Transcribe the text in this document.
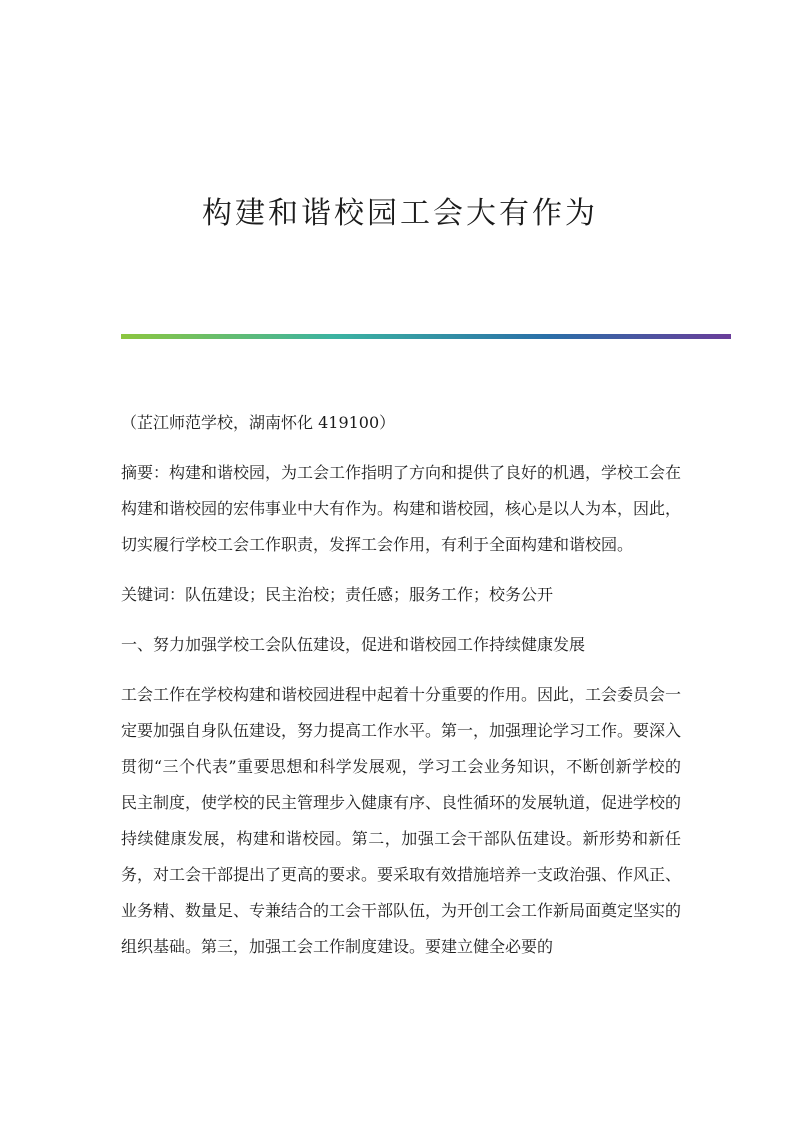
构建和谐校园工会大有作为

（芷江师范学校，湖南怀化 419100）

摘要：构建和谐校园，为工会工作指明了方向和提供了良好的机遇，学校工会在构建和谐校园的宏伟事业中大有作为。构建和谐校园，核心是以人为本，因此，切实履行学校工会工作职责，发挥工会作用，有利于全面构建和谐校园。

关键词：队伍建设；民主治校；责任感；服务工作；校务公开

一、努力加强学校工会队伍建设，促进和谐校园工作持续健康发展

工会工作在学校构建和谐校园进程中起着十分重要的作用。因此，工会委员会一定要加强自身队伍建设，努力提高工作水平。第一，加强理论学习工作。要深入贯彻“三个代表”重要思想和科学发展观，学习工会业务知识，不断创新学校的民主制度，使学校的民主管理步入健康有序、良性循环的发展轨道，促进学校的持续健康发展，构建和谐校园。第二，加强工会干部队伍建设。新形势和新任务，对工会干部提出了更高的要求。要采取有效措施培养一支政治强、作风正、业务精、数量足、专兼结合的工会干部队伍，为开创工会工作新局面奠定坚实的组织基础。第三，加强工会工作制度建设。要建立健全必要的
